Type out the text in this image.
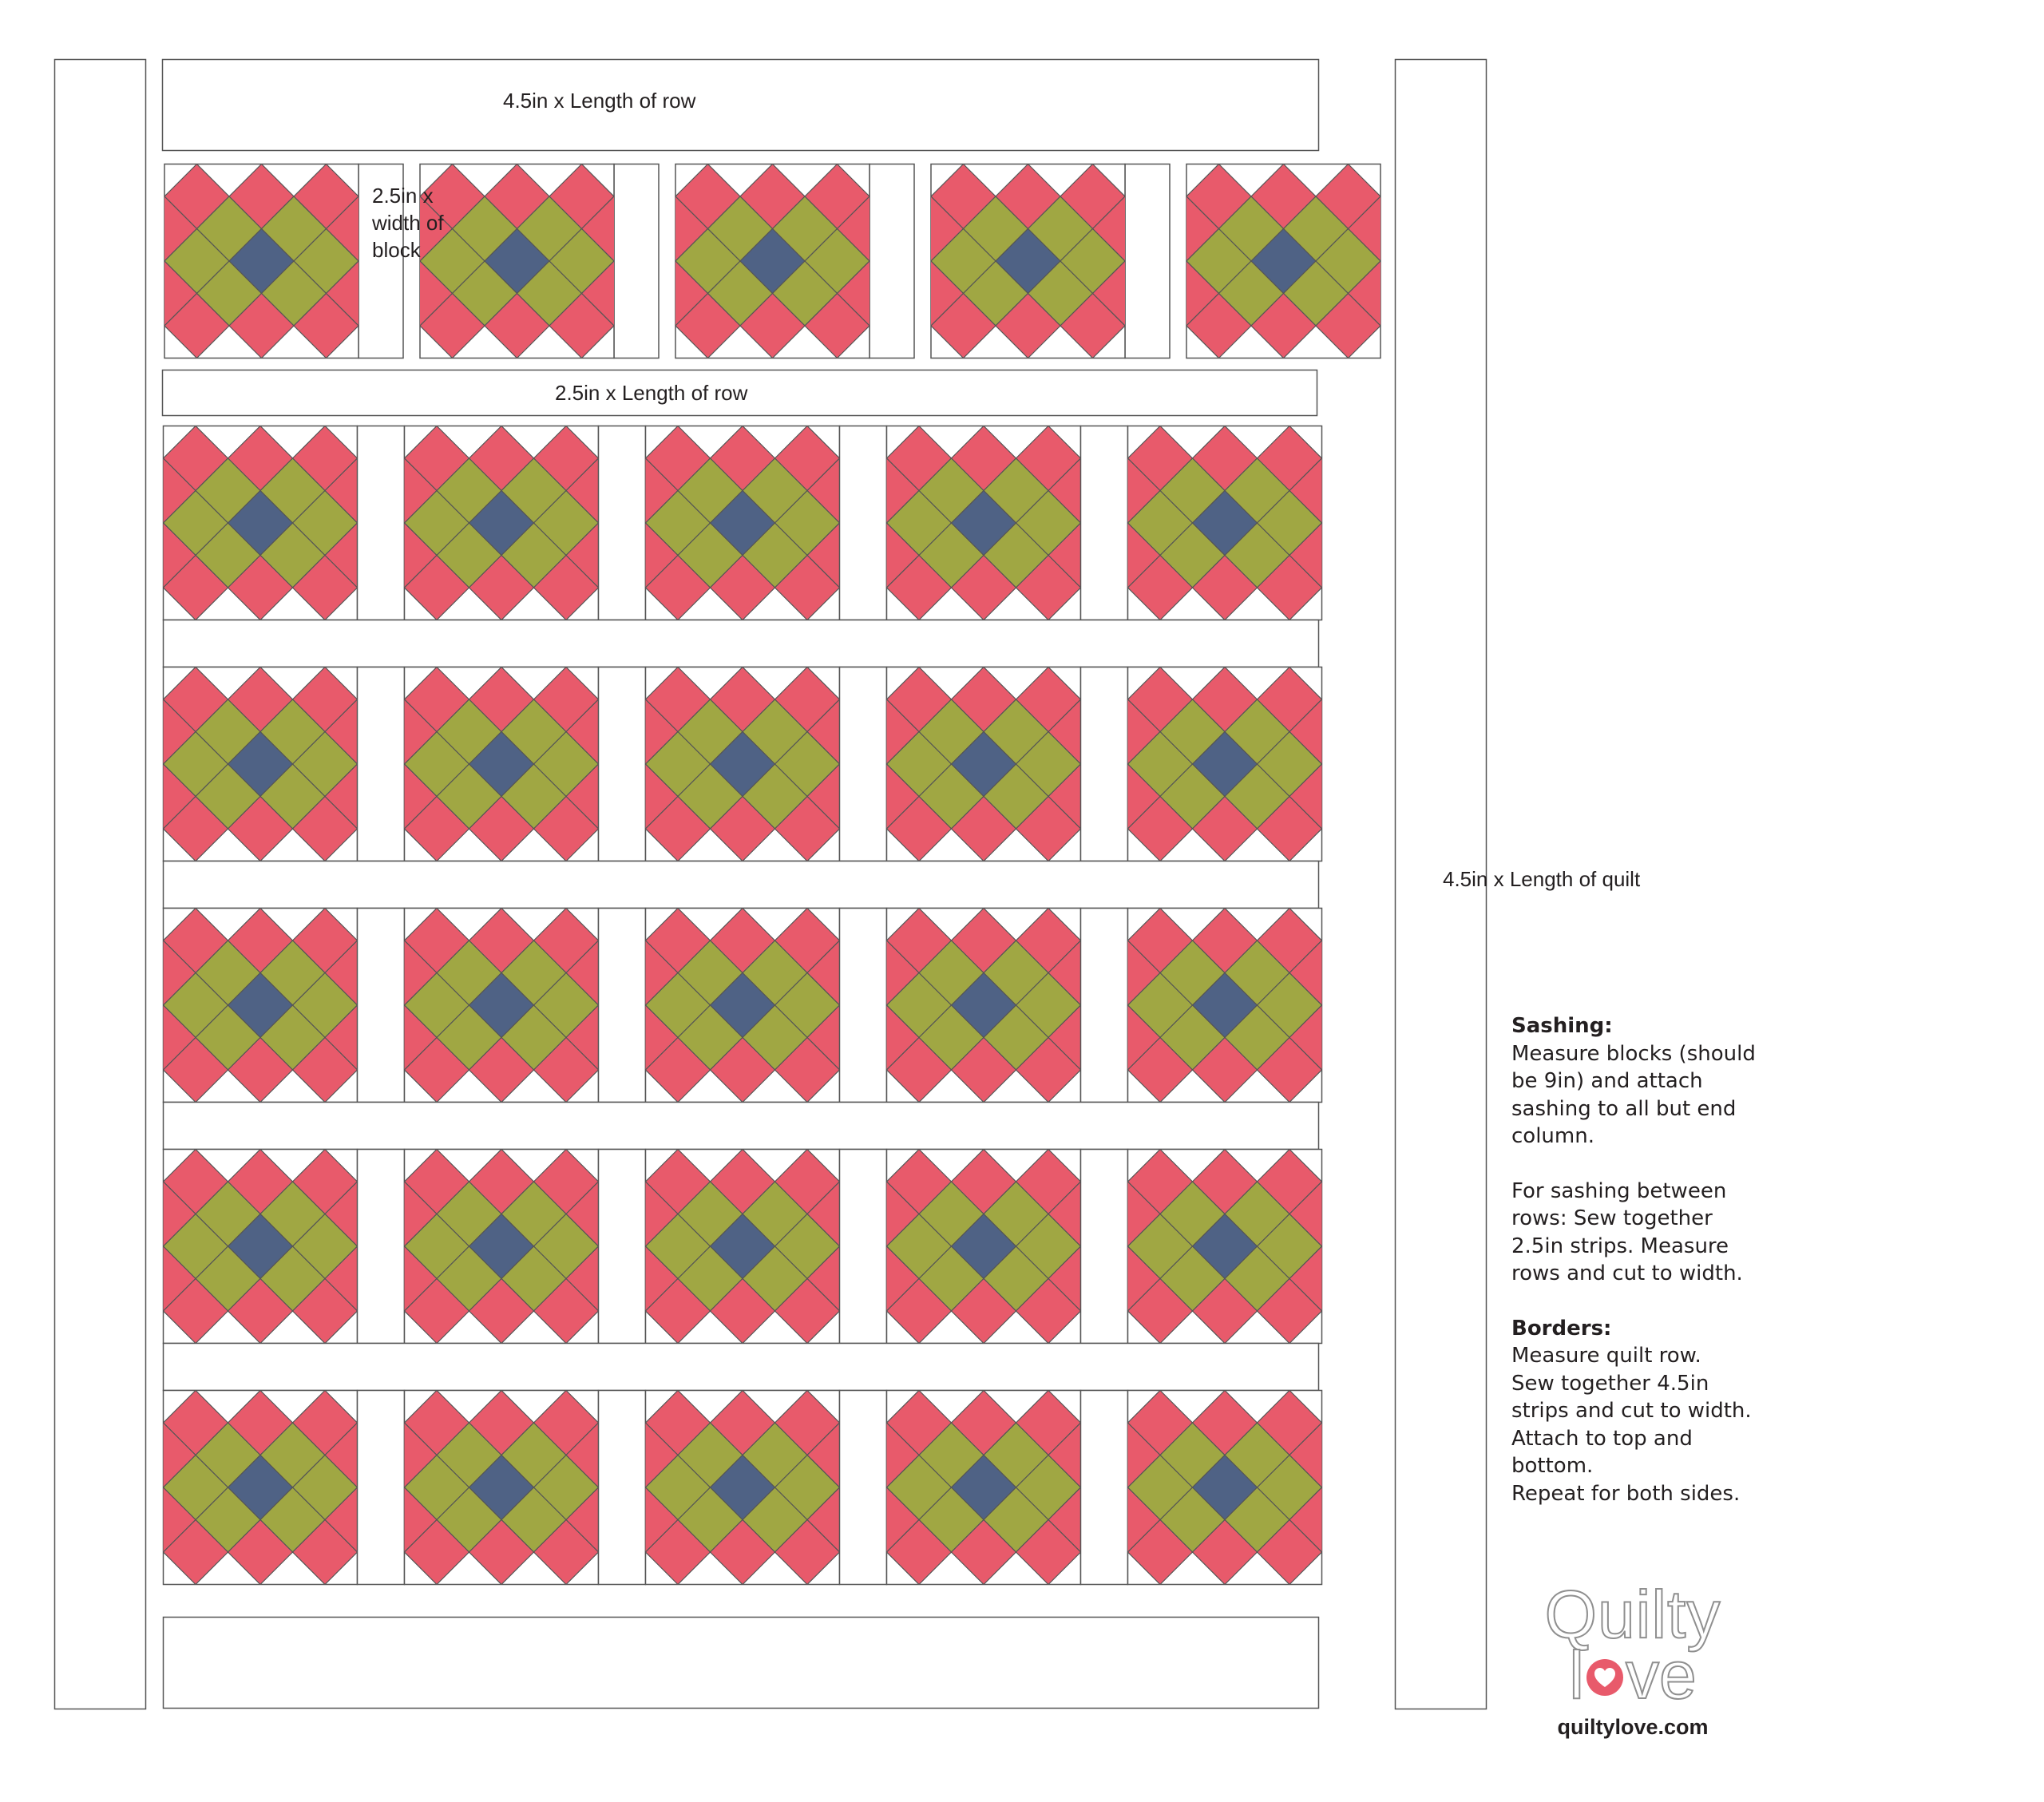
4.5in x Length of row
2.5in x Length of row
4.5in x Length of quilt
2.5in x width of block
Sashing:
Measure blocks (should
be 9in) and attach
sashing to all but end
column.
For sashing between
rows: Sew together
2.5in strips. Measure
rows and cut to width.
Borders:
Measure quilt row.
Sew together 4.5in
strips and cut to width.
Attach to top and
bottom.
Repeat for both sides.
Quilty
l ve
quiltylove.com
